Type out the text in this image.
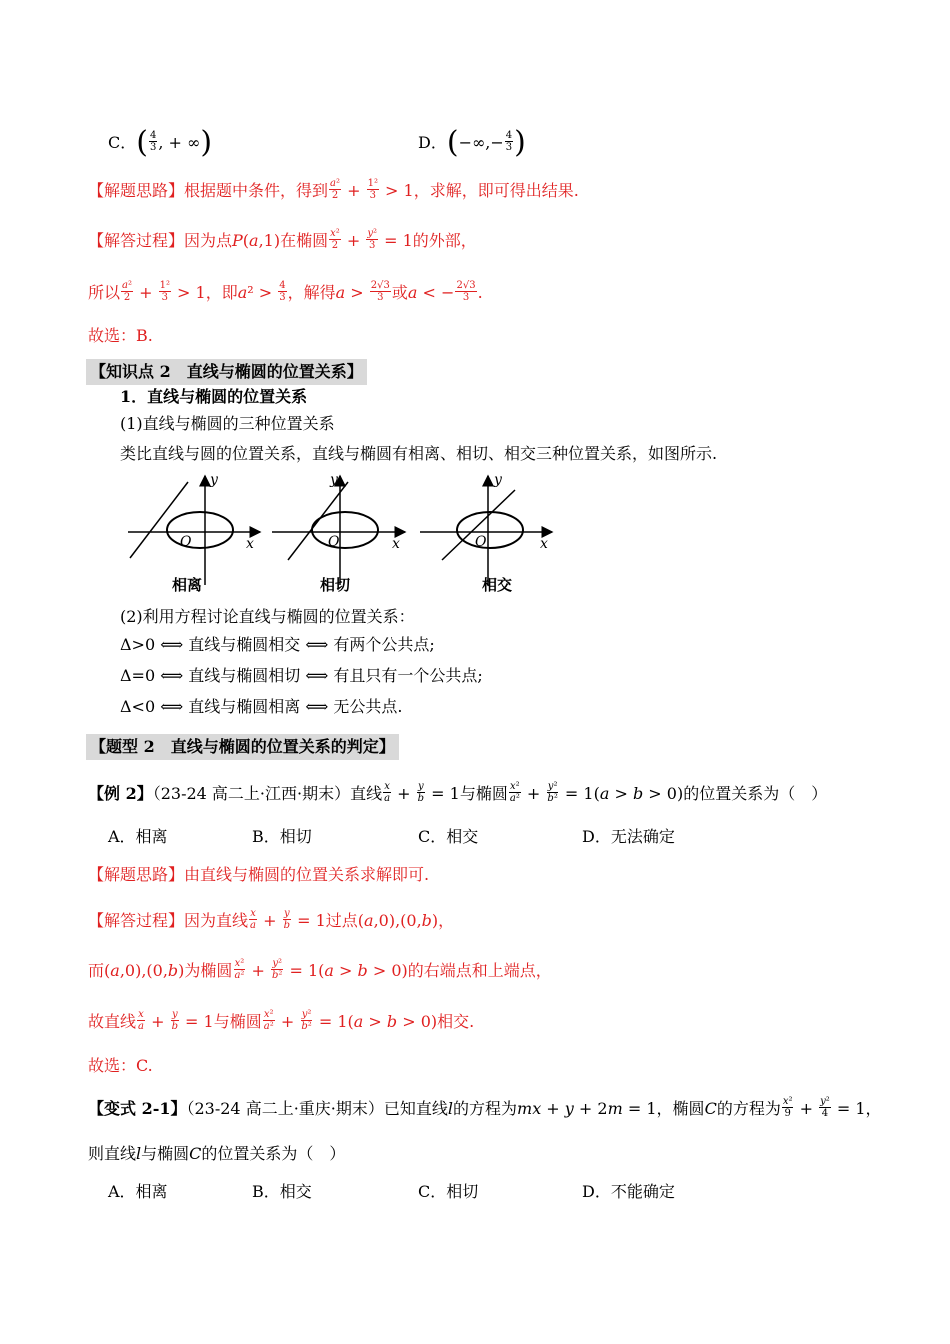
C．( $\frac{4}{3}$ , + ∞)	D．(−∞,− $\frac{4}{3}$ )
【解题思路】根据题中条件，得到 $\frac{\text{a²}}{2} + \frac{\text{1²}}{3} > 1$，求解，即可得出结果.
【解答过程】因为点P(a,1)在椭圆 $\frac{\text{x²}}{2} + \frac{\text{y²}}{3} = 1$的外部，
所以 $\frac{\text{a²}}{2} + \frac{\text{1²}}{3} > 1$，即$a^2 > \frac{4}{3}$ ，解得$a > \frac{2√3}{3}$ 或a < − $\frac{2√3}{3}$ .
故选：B.
【知识点 2　直线与椭圆的位置关系】
1．直线与椭圆的位置关系
(1)直线与椭圆的三种位置关系
类比直线与圆的位置关系，直线与椭圆有相离、相切、相交三种位置关系，如图所示.
O	x
y
O	x
y
O	x
y
相离	相切	相交
(2)利用方程讨论直线与椭圆的位置关系：
Δ>0 ⟺ 直线与椭圆相交 ⟺ 有两个公共点;
Δ=0 ⟺ 直线与椭圆相切 ⟺ 有且只有一个公共点;
Δ<0 ⟺ 直线与椭圆相离 ⟺ 无公共点.
【题型 2　直线与椭圆的位置关系的判定】
【例 2】（23-24 高二上·江西·期末）直线 $\frac{x}{a} + \frac{y}{b} = 1$与椭圆 $\frac{\text{x²}}{\text{a²}} + \frac{\text{y²}}{\text{b²}} = 1(a > b > 0)$的位置关系为（　）
A．相离	B．相切	C．相交	D．无法确定
【解题思路】由直线与椭圆的位置关系求解即可.
【解答过程】因为直线 $\frac{x}{a} + \frac{y}{b} = 1$过点(a,0),(0,b)，
而(a,0),(0,b)为椭圆 $\frac{\text{x²}}{\text{a²}} + \frac{\text{y²}}{\text{b²}} = 1(a > b > 0)$的右端点和上端点，
故直线 $\frac{x}{a} + \frac{y}{b} = 1$与椭圆 $\frac{\text{x²}}{\text{a²}} + \frac{\text{y²}}{\text{b²}} = 1(a > b > 0)$相交.
故选：C.
【变式 2-1】（23-24 高二上·重庆·期末）已知直线l的方程为mx + y + 2m = 1，椭圆C的方程为 $\frac{\text{x²}}{9} + \frac{\text{y²}}{4} = 1$，
则直线l与椭圆C的位置关系为（　）
A．相离	B．相交	C．相切	D．不能确定
